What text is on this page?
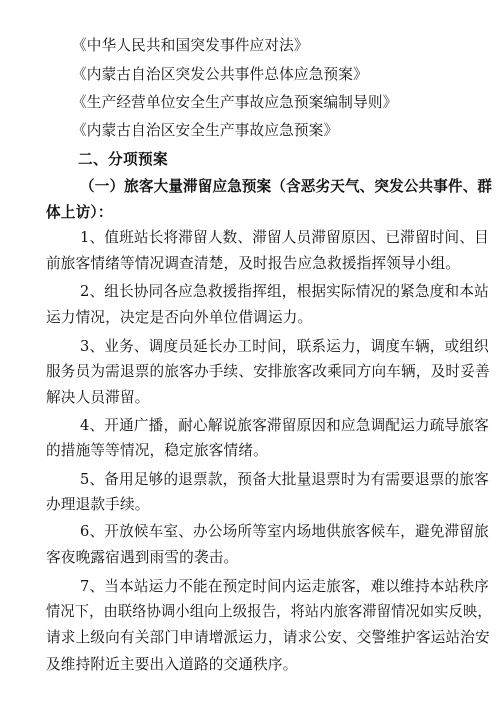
《中华人民共和国突发事件应对法》
《内蒙古自治区突发公共事件总体应急预案》
《生产经营单位安全生产事故应急预案编制导则》
《内蒙古自治区安全生产事故应急预案》
二、分项预案
（一）旅客大量滞留应急预案（含恶劣天气、突发公共事件、群
体上访）：
1、值班站长将滞留人数、滞留人员滞留原因、已滞留时间、目
前旅客情绪等情况调查清楚，及时报告应急救援指挥领导小组。
2、组长协同各应急救援指挥组，根据实际情况的紧急度和本站
运力情况，决定是否向外单位借调运力。
3、业务、调度员延长办工时间，联系运力，调度车辆，或组织
服务员为需退票的旅客办手续、安排旅客改乘同方向车辆，及时妥善
解决人员滞留。
4、开通广播，耐心解说旅客滞留原因和应急调配运力疏导旅客
的措施等等情况，稳定旅客情绪。
5、备用足够的退票款，预备大批量退票时为有需要退票的旅客
办理退款手续。
6、开放候车室、办公场所等室内场地供旅客候车，避免滞留旅
客夜晚露宿遇到雨雪的袭击。
7、当本站运力不能在预定时间内运走旅客，难以维持本站秩序
情况下，由联络协调小组向上级报告，将站内旅客滞留情况如实反映，
请求上级向有关部门申请增派运力，请求公安、交警维护客运站治安
及维持附近主要出入道路的交通秩序。
